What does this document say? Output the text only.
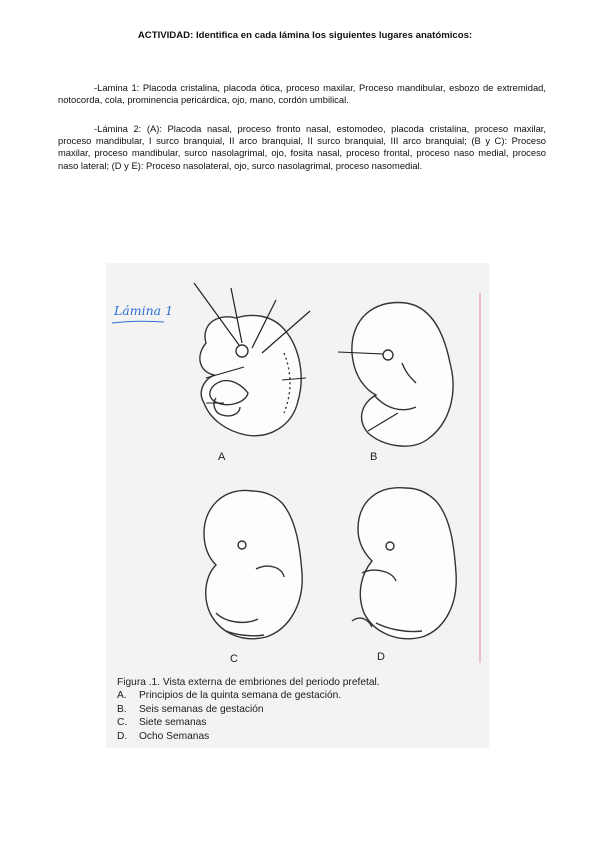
ACTIVIDAD: Identifica en cada lámina los siguientes lugares anatómicos:

-Lamina 1: Placoda cristalina, placoda ótica, proceso maxilar, Proceso mandibular, esbozo de extremidad, notocorda, cola, prominencia pericárdica, ojo, mano, cordón umbilical.

-Lámina 2: (A): Placoda nasal, proceso fronto nasal, estomodeo, placoda cristalina, proceso maxilar, proceso mandibular, I surco branquial, II arco branquial, II surco branquial, III arco branquial; (B y C): Proceso maxilar, proceso mandibular, surco nasolagrimal, ojo, fosita nasal, proceso frontal, proceso naso medial, proceso naso lateral; (D y E): Proceso nasolateral, ojo, surco nasolagrimal, proceso nasomedial.

Lámina 1
A	B
C	D
Figura .1. Vista externa de embriones del periodo prefetal.
A.	Principios de la quinta semana de gestación.
B.	Seis semanas de gestación
C.	Siete semanas
D.	Ocho Semanas
